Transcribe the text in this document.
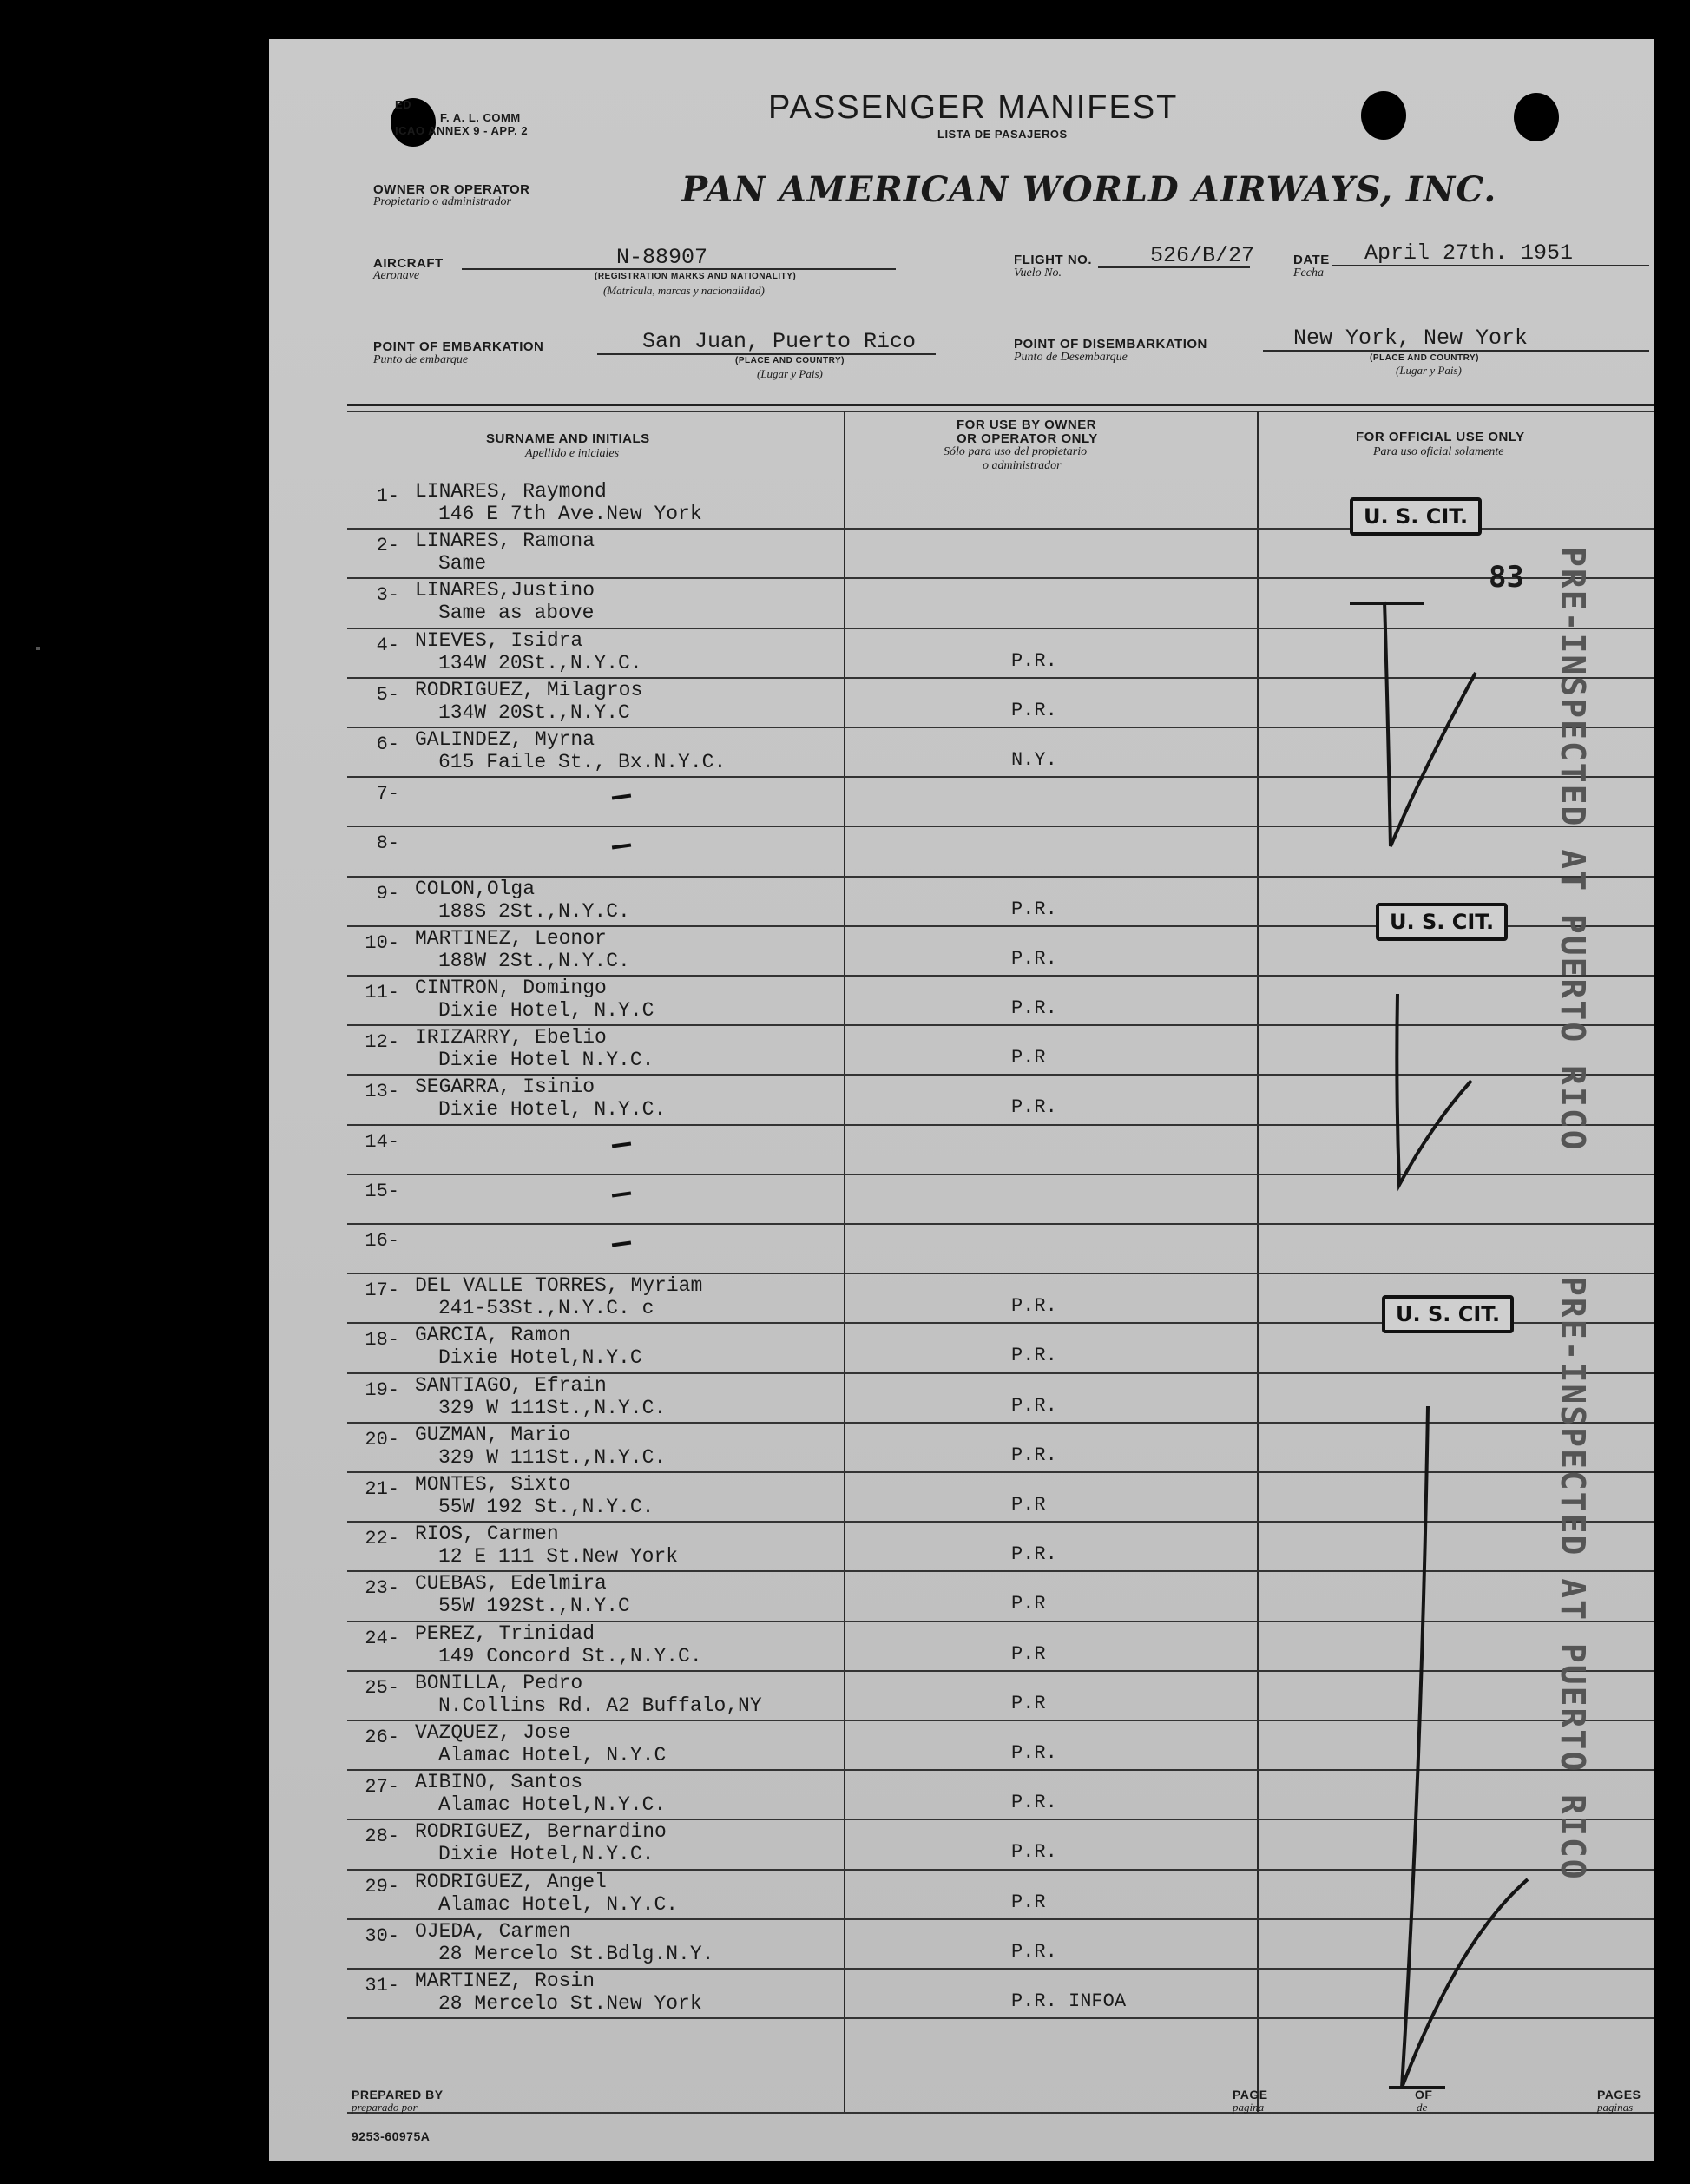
ED
F. A. L. COMM
ICAO ANNEX 9 - APP. 2
PASSENGER MANIFEST
LISTA DE PASAJEROS
OWNER OR OPERATOR
Propietario o administrador	PAN AMERICAN WORLD AIRWAYS, INC.
AIRCRAFT
Aeronave
N-88907
(REGISTRATION MARKS AND NATIONALITY)
(Matricula, marcas y nacionalidad)
FLIGHT NO.
Vuelo No.
526/B/27	DATE
Fecha
April 27th. 1951
POINT OF EMBARKATION
Punto de embarque
San Juan, Puerto Rico
(PLACE AND COUNTRY)
(Lugar y Pais)
POINT OF DISEMBARKATION
Punto de Desembarque
New York, New York
(PLACE AND COUNTRY)
(Lugar y Pais)
SURNAME AND INITIALS
Apellido e iniciales
FOR USE BY OWNER
OR OPERATOR ONLY
Sólo para uso del propietario
o administrador
FOR OFFICIAL USE ONLY
Para uso oficial solamente
1- LINARES, Raymond
146 E 7th Ave.New York
2- LINARES, Ramona
Same
3- LINARES,Justino
Same as above
4- NIEVES, Isidra
134W 20St.,N.Y.C.	P.R.
5- RODRIGUEZ, Milagros
134W 20St.,N.Y.C	P.R.
6- GALINDEZ, Myrna
615 Faile St., Bx.N.Y.C.	N.Y.
7-
8-
9- COLON,Olga
188S 2St.,N.Y.C.	P.R.
10- MARTINEZ, Leonor
188W 2St.,N.Y.C.	P.R.
11- CINTRON, Domingo
Dixie Hotel, N.Y.C	P.R.
12- IRIZARRY, Ebelio
Dixie Hotel N.Y.C.	P.R
13- SEGARRA, Isinio
Dixie Hotel, N.Y.C.	P.R.
14-
15-
16-
17- DEL VALLE TORRES, Myriam
241-53St.,N.Y.C. c	P.R.
18- GARCIA, Ramon
Dixie Hotel,N.Y.C	P.R.
19- SANTIAGO, Efrain
329 W 111St.,N.Y.C.	P.R.
20- GUZMAN, Mario
329 W 111St.,N.Y.C.	P.R.
21- MONTES, Sixto
55W 192 St.,N.Y.C.	P.R
22- RIOS, Carmen
12 E 111 St.New York	P.R.
23- CUEBAS, Edelmira
55W 192St.,N.Y.C	P.R
24- PEREZ, Trinidad
149 Concord St.,N.Y.C.	P.R
25- BONILLA, Pedro
N.Collins Rd. A2 Buffalo,NY	P.R
26- VAZQUEZ, Jose
Alamac Hotel, N.Y.C	P.R.
27- AIBINO, Santos
Alamac Hotel,N.Y.C.	P.R.
28- RODRIGUEZ, Bernardino
Dixie Hotel,N.Y.C.	P.R.
29- RODRIGUEZ, Angel
Alamac Hotel, N.Y.C.	P.R
30- OJEDA, Carmen
28 Mercelo St.Bdlg.N.Y.	P.R.
31- MARTINEZ, Rosin
28 Mercelo St.New York	P.R. INFOA
U. S. CIT.
U. S. CIT.
U. S. CIT.
PRE-INSPECTED AT PUERTO RICO
PRE-INSPECTED AT PUERTO RICO
83
PREPARED BY
preparado por
PAGE
pagina
OF
de
PAGES
paginas
9253-60975A
